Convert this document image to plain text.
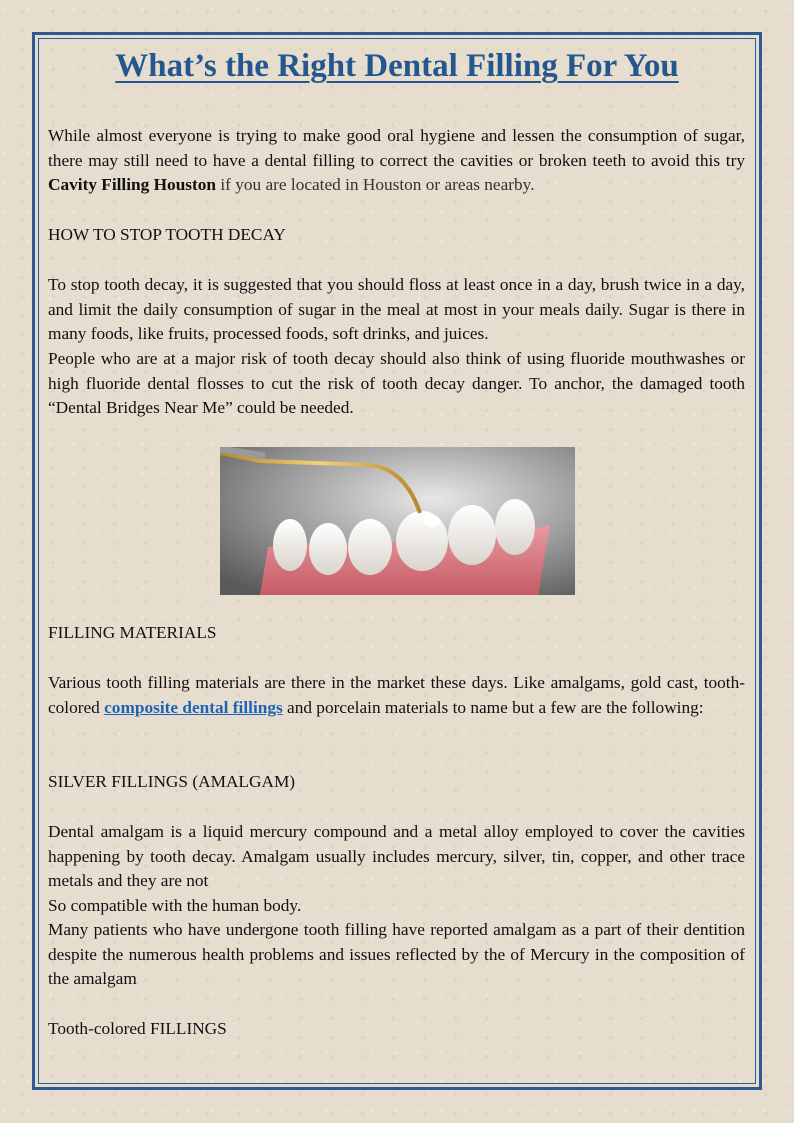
What’s the Right Dental Filling For You

While almost everyone is trying to make good oral hygiene and lessen the consumption of sugar, there may still need to have a dental filling to correct the cavities or broken teeth to avoid this try Cavity Filling Houston if you are located in Houston or areas nearby.

HOW TO STOP TOOTH DECAY

To stop tooth decay, it is suggested that you should floss at least once in a day, brush twice in a day, and limit the daily consumption of sugar in the meal at most in your meals daily. Sugar is there in many foods, like fruits, processed foods, soft drinks, and juices.

People who are at a major risk of tooth decay should also think of using fluoride mouthwashes or high fluoride dental flosses to cut the risk of tooth decay danger. To anchor, the damaged tooth “Dental Bridges Near Me” could be needed.

FILLING MATERIALS

Various tooth filling materials are there in the market these days. Like amalgams, gold cast, tooth-colored composite dental fillings and porcelain materials to name but a few are the following:

SILVER FILLINGS (AMALGAM)

Dental amalgam is a liquid mercury compound and a metal alloy employed to cover the cavities happening by tooth decay. Amalgam usually includes mercury, silver, tin, copper, and other trace metals and they are not

So compatible with the human body.

Many patients who have undergone tooth filling have reported amalgam as a part of their dentition despite the numerous health problems and issues reflected by the of Mercury in the composition of the amalgam

Tooth-colored FILLINGS
